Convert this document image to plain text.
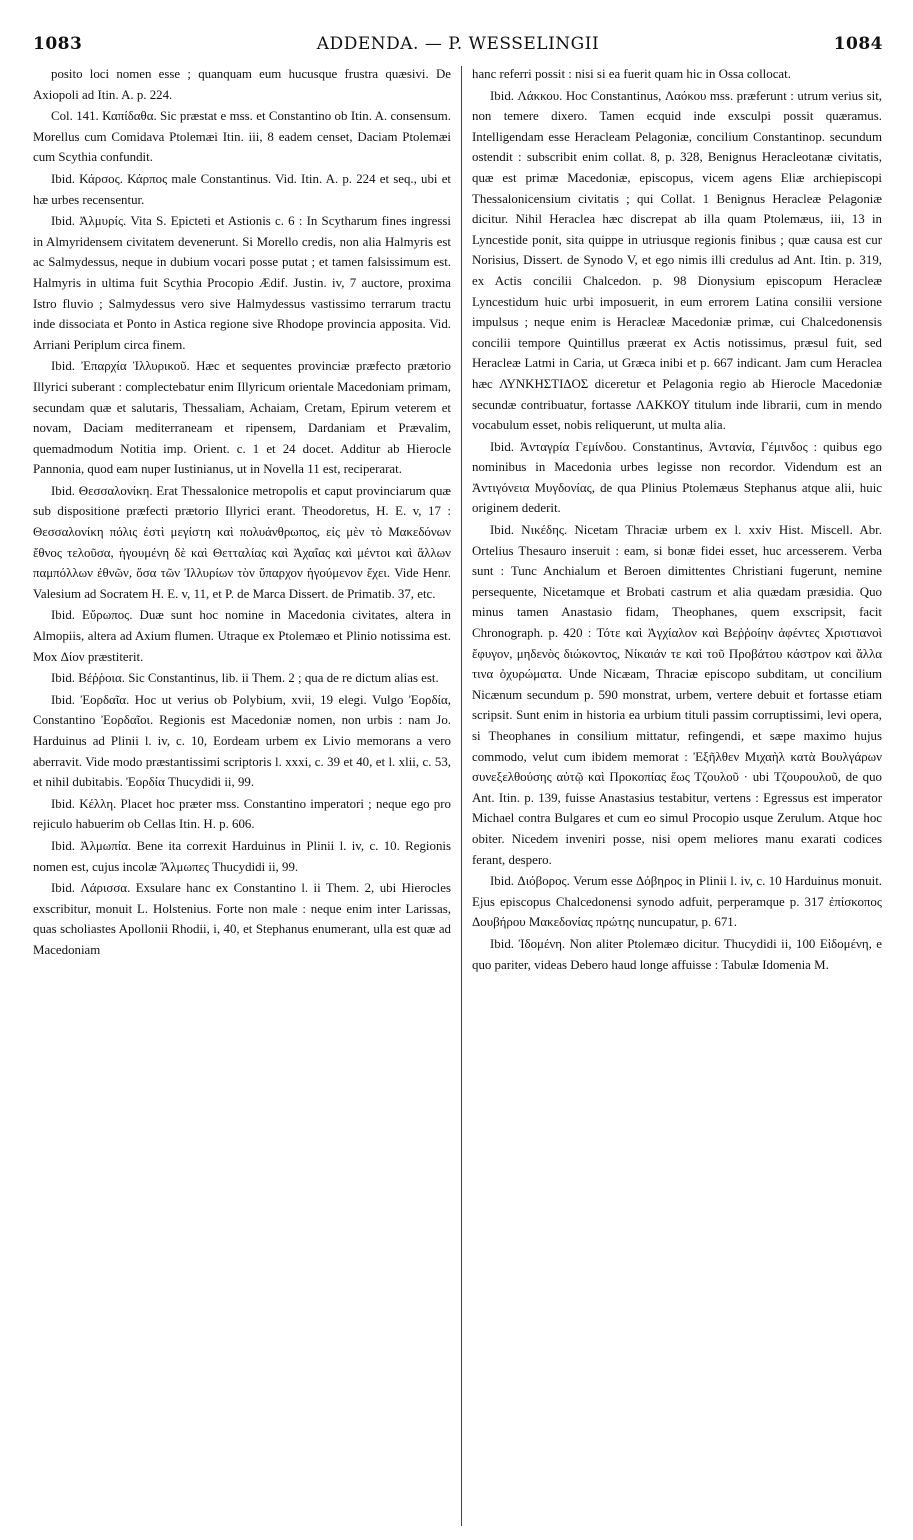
1083	ADDENDA. — P. WESSELINGII	1084

posito loci nomen esse ; quanquam eum hucusque frustra quæsivi. De Axiopoli ad Itin. A. p. 224.

Col. 141. Καπίδαθα. Sic præstat e mss. et Constantino ob Itin. A. consensum. Morellus cum Comidava Ptolemæi Itin. iii, 8 eadem censet, Daciam Ptolemæi cum Scythia confundit.

Ibid. Κάρσος. Κάρπος male Constantinus. Vid. Itin. A. p. 224 et seq., ubi et hæ urbes recensentur.

Ibid. Ἀλμυρίς. Vita S. Epicteti et Astionis c. 6 : In Scytharum fines ingressi in Almyridensem civitatem devenerunt. Si Morello credis, non alia Halmyris est ac Salmydessus, neque in dubium vocari posse putat ; et tamen falsissimum est. Halmyris in ultima fuit Scythia Procopio Ædif. Justin. iv, 7 auctore, proxima Istro fluvio ; Salmydessus vero sive Halmydessus vastissimo terrarum tractu inde dissociata et Ponto in Astica regione sive Rhodope provincia apposita. Vid. Arriani Periplum circa finem.

Ibid. Ἐπαρχία Ἰλλυρικοῦ. Hæc et sequentes provinciæ præfecto prætorio Illyrici suberant : complectebatur enim Illyricum orientale Macedoniam primam, secundam quæ et salutaris, Thessaliam, Achaiam, Cretam, Epirum veterem et novam, Daciam mediterraneam et ripensem, Dardaniam et Prævalim, quemadmodum Notitia imp. Orient. c. 1 et 24 docet. Additur ab Hierocle Pannonia, quod eam nuper Iustinianus, ut in Novella 11 est, reciperarat.

Ibid. Θεσσαλονίκη. Erat Thessalonice metropolis et caput provinciarum quæ sub dispositione præfecti prætorio Illyrici erant. Theodoretus, H. E. v, 17 : Θεσσαλονίκη πόλις ἐστὶ μεγίστη καὶ πολυάνθρωπος, εἰς μὲν τὸ Μακεδόνων ἔθνος τελοῦσα, ἡγουμένη δὲ καὶ Θετταλίας καὶ Ἀχαΐας καὶ μέντοι καὶ ἄλλων παμπόλλων ἐθνῶν, ὅσα τῶν Ἰλλυρίων τὸν ὕπαρχον ἡγούμενον ἔχει. Vide Henr. Valesium ad Socratem H. E. v, 11, et P. de Marca Dissert. de Primatib. 37, etc.

Ibid. Εὔρωπος. Duæ sunt hoc nomine in Macedonia civitates, altera in Almopiis, altera ad Axium flumen. Utraque ex Ptolemæo et Plinio notissima est. Mox Δίον præstiterit.

Ibid. Βέῤῥοια. Sic Constantinus, lib. ii Them. 2 ; qua de re dictum alias est.

Ibid. Ἐορδαῖα. Hoc ut verius ob Polybium, xvii, 19 elegi. Vulgo Ἐορδία, Constantino Ἐορδαῖοι. Regionis est Macedoniæ nomen, non urbis : nam Jo. Harduinus ad Plinii l. iv, c. 10, Eordeam urbem ex Livio memorans a vero aberravit. Vide modo præstantissimi scriptoris l. xxxi, c. 39 et 40, et l. xlii, c. 53, et nihil dubitabis. Ἐορδία Thucydidi ii, 99.

Ibid. Κέλλη. Placet hoc præter mss. Constantino imperatori ; neque ego pro rejiculo habuerim ob Cellas Itin. H. p. 606.

Ibid. Ἀλμωπία. Bene ita correxit Harduinus in Plinii l. iv, c. 10. Regionis nomen est, cujus incolæ Ἄλμωπες Thucydidi ii, 99.

Ibid. Λάρισσα. Exsulare hanc ex Constantino l. ii Them. 2, ubi Hierocles exscribitur, monuit L. Holstenius. Forte non male : neque enim inter Larissas, quas scholiastes Apollonii Rhodii, i, 40, et Stephanus enumerant, ulla est quæ ad Macedoniam

hanc referri possit : nisi si ea fuerit quam hic in Ossa collocat.

Ibid. Λάκκου. Hoc Constantinus, Λαόκου mss. præferunt : utrum verius sit, non temere dixero. Tamen ecquid inde exsculpi possit quæramus. Intelligendam esse Heracleam Pelagoniæ, concilium Constantinop. secundum ostendit : subscribit enim collat. 8, p. 328, Benignus Heracleotanæ civitatis, quæ est primæ Macedoniæ, episcopus, vicem agens Eliæ archiepiscopi Thessalonicensium civitatis ; qui Collat. 1 Benignus Heracleæ Pelagoniæ dicitur. Nihil Heraclea hæc discrepat ab illa quam Ptolemæus, iii, 13 in Lyncestide ponit, sita quippe in utriusque regionis finibus ; quæ causa est cur Norisius, Dissert. de Synodo V, et ego nimis illi credulus ad Ant. Itin. p. 319, ex Actis concilii Chalcedon. p. 98 Dionysium episcopum Heracleæ Lyncestidum huic urbi imposuerit, in eum errorem Latina consilii versione impulsus ; neque enim is Heracleæ Macedoniæ primæ, cui Chalcedonensis concilii tempore Quintillus præerat ex Actis notissimus, præsul fuit, sed Heracleæ Latmi in Caria, ut Græca inibi et p. 667 indicant. Jam cum Heraclea hæc ΛΥΝΚΗΣΤΙΔΟΣ diceretur et Pelagonia regio ab Hierocle Macedoniæ secundæ contribuatur, fortasse ΛΑΚΚΟΥ titulum inde librarii, cum in mendo vocabulum esset, nobis reliquerunt, ut multa alia.

Ibid. Ἀνταγρία Γεμίνδου. Constantinus, Ἀντανία, Γέμινδος : quibus ego nominibus in Macedonia urbes legisse non recordor. Videndum est an Ἀντιγόνεια Μυγδονίας, de qua Plinius Ptolemæus Stephanus atque alii, huic originem dederit.

Ibid. Νικέδης. Nicetam Thraciæ urbem ex l. xxiv Hist. Miscell. Abr. Ortelius Thesauro inseruit : eam, si bonæ fidei esset, huc arcesserem. Verba sunt : Tunc Anchialum et Beroen dimittentes Christiani fugerunt, nemine persequente, Nicetamque et Brobati castrum et alia quædam præsidia. Quo minus tamen Anastasio fidam, Theophanes, quem exscripsit, facit Chronograph. p. 420 : Τότε καὶ Ἀγχίαλον καὶ Βεῤῥοίην ἀφέντες Χριστιανοὶ ἔφυγον, μηδενὸς διώκοντος, Νίκαιάν τε καὶ τοῦ Προβάτου κάστρον καὶ ἄλλα τινα ὀχυρώματα. Unde Nicæam, Thraciæ episcopo subditam, ut concilium Nicænum secundum p. 590 monstrat, urbem, vertere debuit et fortasse etiam scripsit. Sunt enim in historia ea urbium tituli passim corruptissimi, levi opera, si Theophanes in consilium mittatur, refingendi, et sæpe maximo hujus commodo, velut cum ibidem memorat : Ἐξῆλθεν Μιχαὴλ κατὰ Βουλγάρων συνεξελθούσης αὐτῷ καὶ Προκοπίας ἕως Τζουλοῦ · ubi Τζουρουλοῦ, de quo Ant. Itin. p. 139, fuisse Anastasius testabitur, vertens : Egressus est imperator Michael contra Bulgares et cum eo simul Procopio usque Zerulum. Atque hoc obiter. Nicedem inveniri posse, nisi opem meliores manu exarati codices ferant, despero.

Ibid. Διόβορος. Verum esse Δόβηρος in Plinii l. iv, c. 10 Harduinus monuit. Ejus episcopus Chalcedonensi synodo adfuit, perperamque p. 317 ἐπίσκοπος Δουβήρου Μακεδονίας πρώτης nuncupatur, p. 671.

Ibid. Ἰδομένη. Non aliter Ptolemæo dicitur. Thucydidi ii, 100 Εἰδομένη, e quo pariter, videas Debero haud longe affuisse : Tabulæ Idomenia M.
